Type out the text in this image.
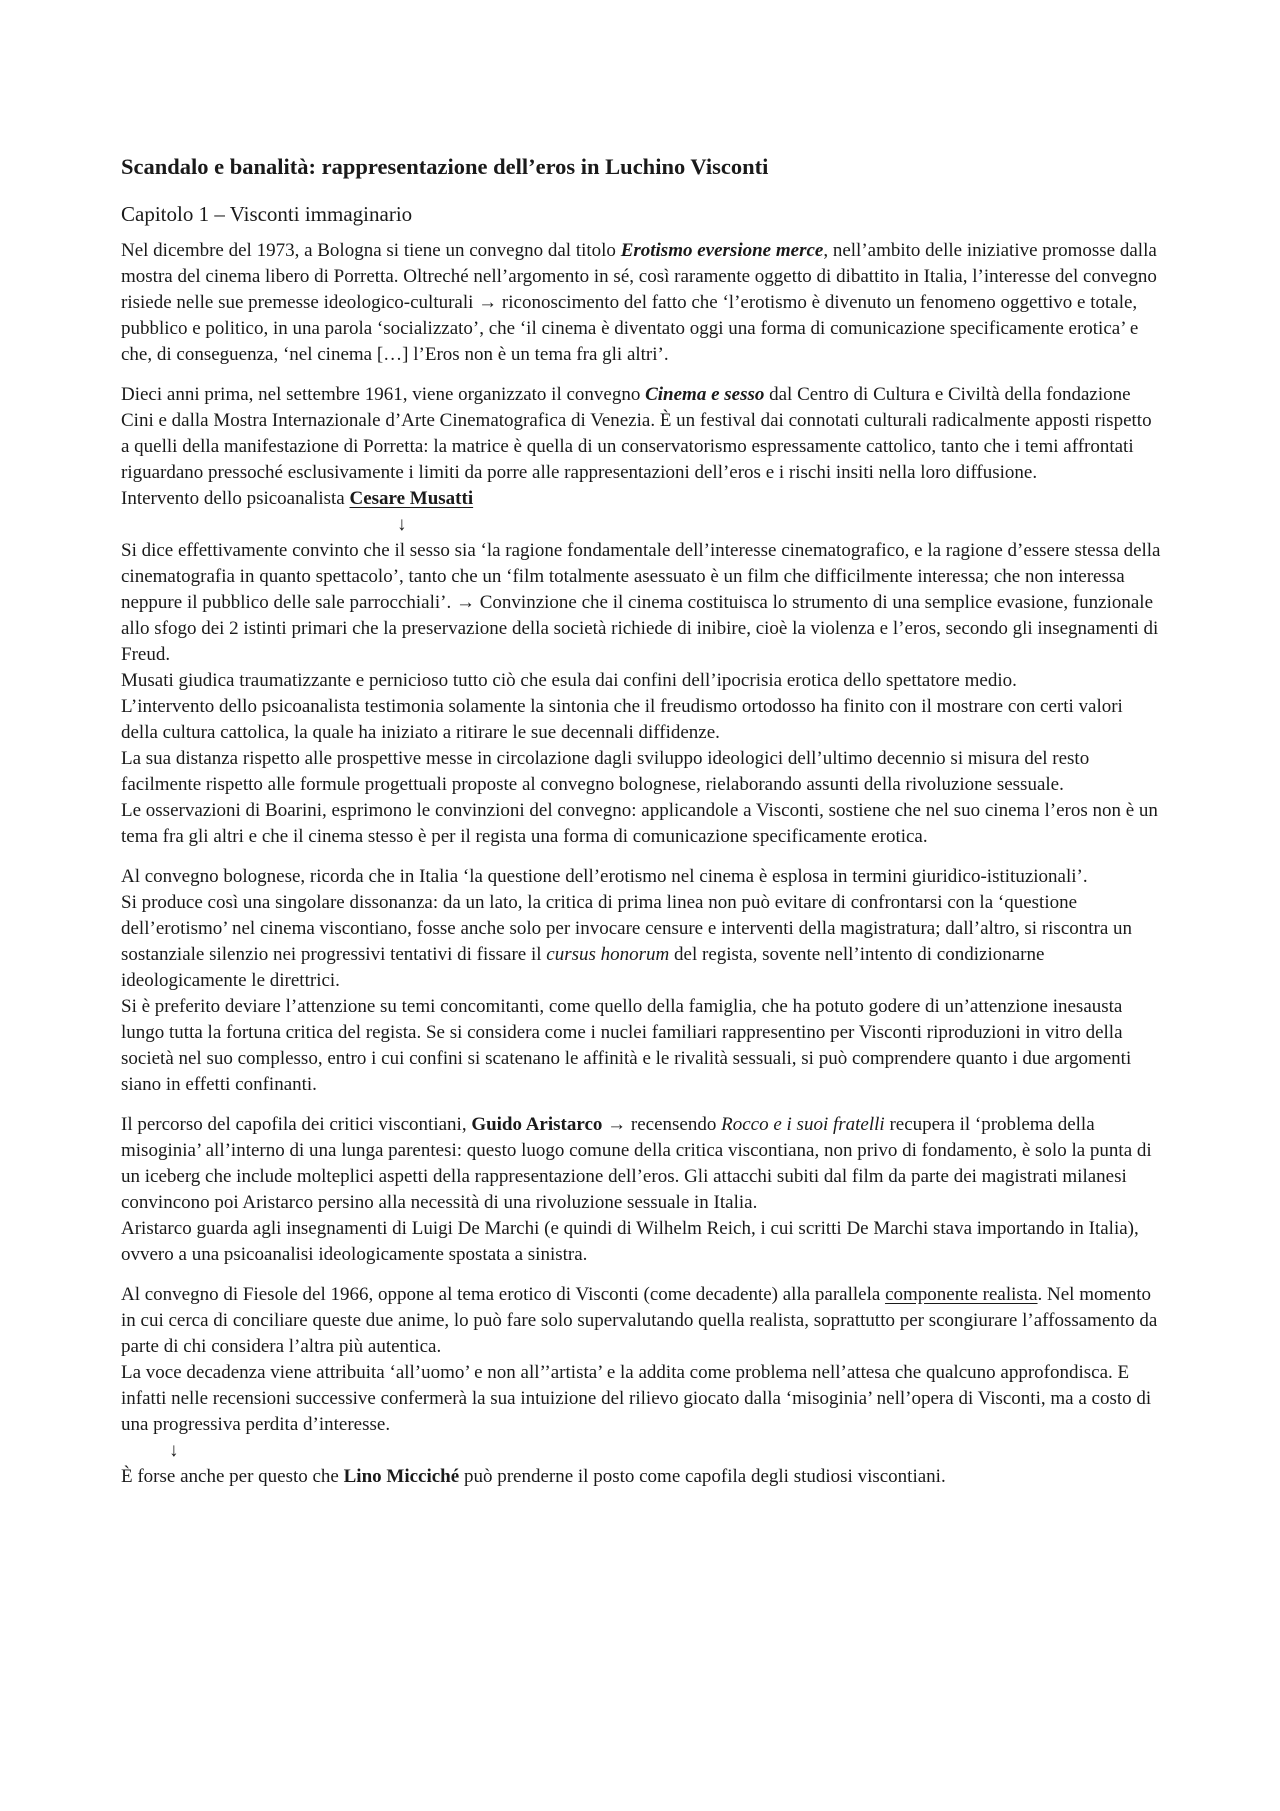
Scandalo e banalità: rappresentazione dell’eros in Luchino Visconti
Capitolo 1 – Visconti immaginario

Nel dicembre del 1973, a Bologna si tiene un convegno dal titolo Erotismo eversione merce, nell’ambito delle iniziative promosse dalla mostra del cinema libero di Porretta. Oltreché nell’argomento in sé, così raramente oggetto di dibattito in Italia, l’interesse del convegno risiede nelle sue premesse ideologico-culturali → riconoscimento del fatto che ‘l’erotismo è divenuto un fenomeno oggettivo e totale, pubblico e politico, in una parola ‘socializzato’, che ‘il cinema è diventato oggi una forma di comunicazione specificamente erotica’ e che, di conseguenza, ‘nel cinema […] l’Eros non è un tema fra gli altri’.

Dieci anni prima, nel settembre 1961, viene organizzato il convegno Cinema e sesso dal Centro di Cultura e Civiltà della fondazione Cini e dalla Mostra Internazionale d’Arte Cinematografica di Venezia. È un festival dai connotati culturali radicalmente apposti rispetto a quelli della manifestazione di Porretta: la matrice è quella di un conservatorismo espressamente cattolico, tanto che i temi affrontati riguardano pressoché esclusivamente i limiti da porre alle rappresentazioni dell’eros e i rischi insiti nella loro diffusione.

Intervento dello psicoanalista Cesare Musatti

↓

Si dice effettivamente convinto che il sesso sia ‘la ragione fondamentale dell’interesse cinematografico, e la ragione d’essere stessa della cinematografia in quanto spettacolo’, tanto che un ‘film totalmente asessuato è un film che difficilmente interessa; che non interessa neppure il pubblico delle sale parrocchiali’. → Convinzione che il cinema costituisca lo strumento di una semplice evasione, funzionale allo sfogo dei 2 istinti primari che la preservazione della società richiede di inibire, cioè la violenza e l’eros, secondo gli insegnamenti di Freud.

Musati giudica traumatizzante e pernicioso tutto ciò che esula dai confini dell’ipocrisia erotica dello spettatore medio.

L’intervento dello psicoanalista testimonia solamente la sintonia che il freudismo ortodosso ha finito con il mostrare con certi valori della cultura cattolica, la quale ha iniziato a ritirare le sue decennali diffidenze.

La sua distanza rispetto alle prospettive messe in circolazione dagli sviluppo ideologici dell’ultimo decennio si misura del resto facilmente rispetto alle formule progettuali proposte al convegno bolognese, rielaborando assunti della rivoluzione sessuale.

Le osservazioni di Boarini, esprimono le convinzioni del convegno: applicandole a Visconti, sostiene che nel suo cinema l’eros non è un tema fra gli altri e che il cinema stesso è per il regista una forma di comunicazione specificamente erotica.

Al convegno bolognese, ricorda che in Italia ‘la questione dell’erotismo nel cinema è esplosa in termini giuridico-istituzionali’.

Si produce così una singolare dissonanza: da un lato, la critica di prima linea non può evitare di confrontarsi con la ‘questione dell’erotismo’ nel cinema viscontiano, fosse anche solo per invocare censure e interventi della magistratura; dall’altro, si riscontra un sostanziale silenzio nei progressivi tentativi di fissare il cursus honorum del regista, sovente nell’intento di condizionarne ideologicamente le direttrici.

Si è preferito deviare l’attenzione su temi concomitanti, come quello della famiglia, che ha potuto godere di un’attenzione inesausta lungo tutta la fortuna critica del regista. Se si considera come i nuclei familiari rappresentino per Visconti riproduzioni in vitro della società nel suo complesso, entro i cui confini si scatenano le affinità e le rivalità sessuali, si può comprendere quanto i due argomenti siano in effetti confinanti.

Il percorso del capofila dei critici viscontiani, Guido Aristarco → recensendo Rocco e i suoi fratelli recupera il ‘problema della misoginia’ all’interno di una lunga parentesi: questo luogo comune della critica viscontiana, non privo di fondamento, è solo la punta di un iceberg che include molteplici aspetti della rappresentazione dell’eros. Gli attacchi subiti dal film da parte dei magistrati milanesi convincono poi Aristarco persino alla necessità di una rivoluzione sessuale in Italia.

Aristarco guarda agli insegnamenti di Luigi De Marchi (e quindi di Wilhelm Reich, i cui scritti De Marchi stava importando in Italia), ovvero a una psicoanalisi ideologicamente spostata a sinistra.

Al convegno di Fiesole del 1966, oppone al tema erotico di Visconti (come decadente) alla parallela componente realista. Nel momento in cui cerca di conciliare queste due anime, lo può fare solo supervalutando quella realista, soprattutto per scongiurare l’affossamento da parte di chi considera l’altra più autentica.

La voce decadenza viene attribuita ‘all’uomo’ e non all’’artista’ e la addita come problema nell’attesa che qualcuno approfondisca. E infatti nelle recensioni successive confermerà la sua intuizione del rilievo giocato dalla ‘misoginia’ nell’opera di Visconti, ma a costo di una progressiva perdita d’interesse.

↓

È forse anche per questo che Lino Micciché può prenderne il posto come capofila degli studiosi viscontiani.
